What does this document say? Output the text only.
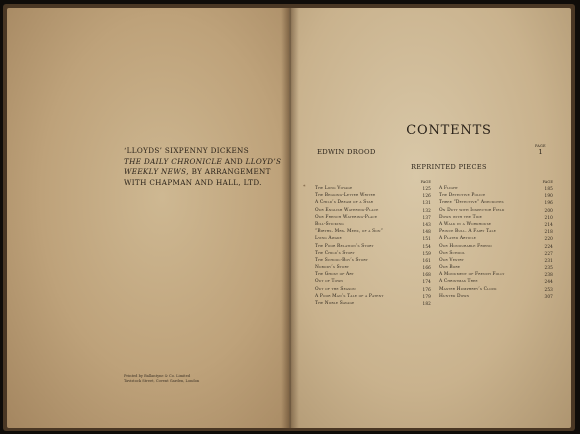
‘LLOYDS’ SIXPENNY DICKENS
THE DAILY CHRONICLE AND LLOYD’S
WEEKLY NEWS, BY ARRANGEMENT
WITH CHAPMAN AND HALL, LTD.
Printed by Ballantyne & Co. Limited
Tavistock Street, Covent Garden, London
CONTENTS
PAGE
EDWIN DROOD	1
REPRINTED PIECES
*
PAGE
The Long Voyage	125
The Begging-Letter Writer	126
A Child’s Dream of a Star	131
Our English Watering-Place	132
Our French Watering-Place	137
Bill-Sticking	143
“Births. Mrs. Meek, of a Son”	148
Lying Awake	151
The Poor Relation’s Story	154
The Child’s Story	159
The School-Boy’s Story	161
Nobody’s Story	166
The Ghost of Art	168
Out of Town	174
Out of the Season	176
A Poor Man’s Tale of a Patent	179
The Noble Savage	182
PAGE
A Flight	185
The Detective Police	190
Three “Detective” Anecdotes	196
On Duty with Inspector Field	200
Down with the Tide	210
A Walk in a Workhouse	214
Prince Bull. A Fairy Tale	218
A Plated Article	220
Our Honourable Friend	224
Our School	227
Our Vestry	231
Our Bore	235
A Monument of French Folly	238
A Christmas Tree	244
Master Humphrey’s Clock	253
Hunted Down	307
